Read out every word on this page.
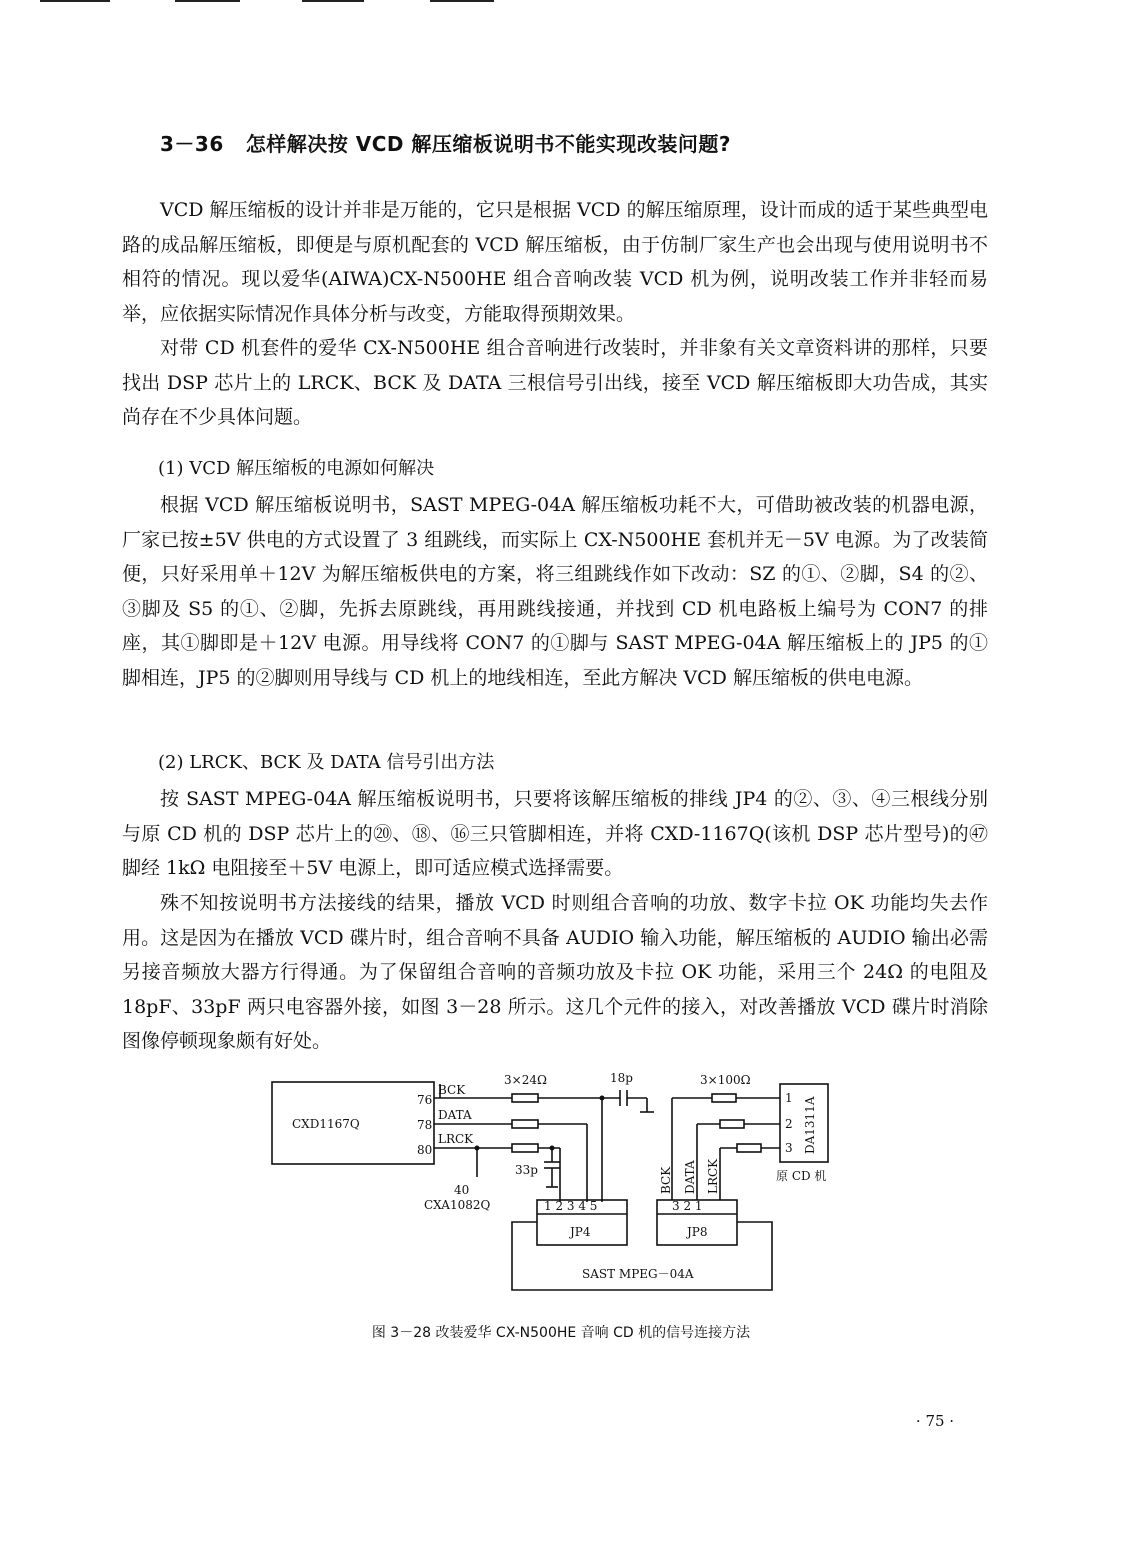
3－36 怎样解决按 VCD 解压缩板说明书不能实现改装问题?

VCD 解压缩板的设计并非是万能的，它只是根据 VCD 的解压缩原理，设计而成的适于某些典型电路的成品解压缩板，即便是与原机配套的 VCD 解压缩板，由于仿制厂家生产也会出现与使用说明书不相符的情况。现以爱华(AIWA)CX-N500HE 组合音响改装 VCD 机为例，说明改装工作并非轻而易举，应依据实际情况作具体分析与改变，方能取得预期效果。

对带 CD 机套件的爱华 CX-N500HE 组合音响进行改装时，并非象有关文章资料讲的那样，只要找出 DSP 芯片上的 LRCK、BCK 及 DATA 三根信号引出线，接至 VCD 解压缩板即大功告成，其实尚存在不少具体问题。

(1) VCD 解压缩板的电源如何解决

根据 VCD 解压缩板说明书，SAST MPEG-04A 解压缩板功耗不大，可借助被改装的机器电源，厂家已按±5V 供电的方式设置了 3 组跳线，而实际上 CX-N500HE 套机并无－5V 电源。为了改装简便，只好采用单＋12V 为解压缩板供电的方案，将三组跳线作如下改动：SZ 的①、②脚，S4 的②、③脚及 S5 的①、②脚，先拆去原跳线，再用跳线接通，并找到 CD 机电路板上编号为 CON7 的排座，其①脚即是＋12V 电源。用导线将 CON7 的①脚与 SAST MPEG-04A 解压缩板上的 JP5 的①脚相连，JP5 的②脚则用导线与 CD 机上的地线相连，至此方解决 VCD 解压缩板的供电电源。

(2) LRCK、BCK 及 DATA 信号引出方法

按 SAST MPEG-04A 解压缩板说明书，只要将该解压缩板的排线 JP4 的②、③、④三根线分别与原 CD 机的 DSP 芯片上的⑳、⑱、⑯三只管脚相连，并将 CXD-1167Q(该机 DSP 芯片型号)的㊼脚经 1kΩ 电阻接至＋5V 电源上，即可适应模式选择需要。

殊不知按说明书方法接线的结果，播放 VCD 时则组合音响的功放、数字卡拉 OK 功能均失去作用。这是因为在播放 VCD 碟片时，组合音响不具备 AUDIO 输入功能，解压缩板的 AUDIO 输出必需另接音频放大器方行得通。为了保留组合音响的音频功放及卡拉 OK 功能，采用三个 24Ω 的电阻及 18pF、33pF 两只电容器外接，如图 3－28 所示。这几个元件的接入，对改善播放 VCD 碟片时消除图像停顿现象颇有好处。

CXD1167Q
76
78
80
BCK
DATA
LRCK
3×24Ω	18p
33p
40
CXA1082Q	1 2 3 4 5
JP4
3 2 1
JP8
SAST MPEG－04A
3×100Ω
1
2
3 DA1311A
原 CD 机
BCK DATA LRCK
图 3－28 改装爱华 CX-N500HE 音响 CD 机的信号连接方法
· 75 ·
